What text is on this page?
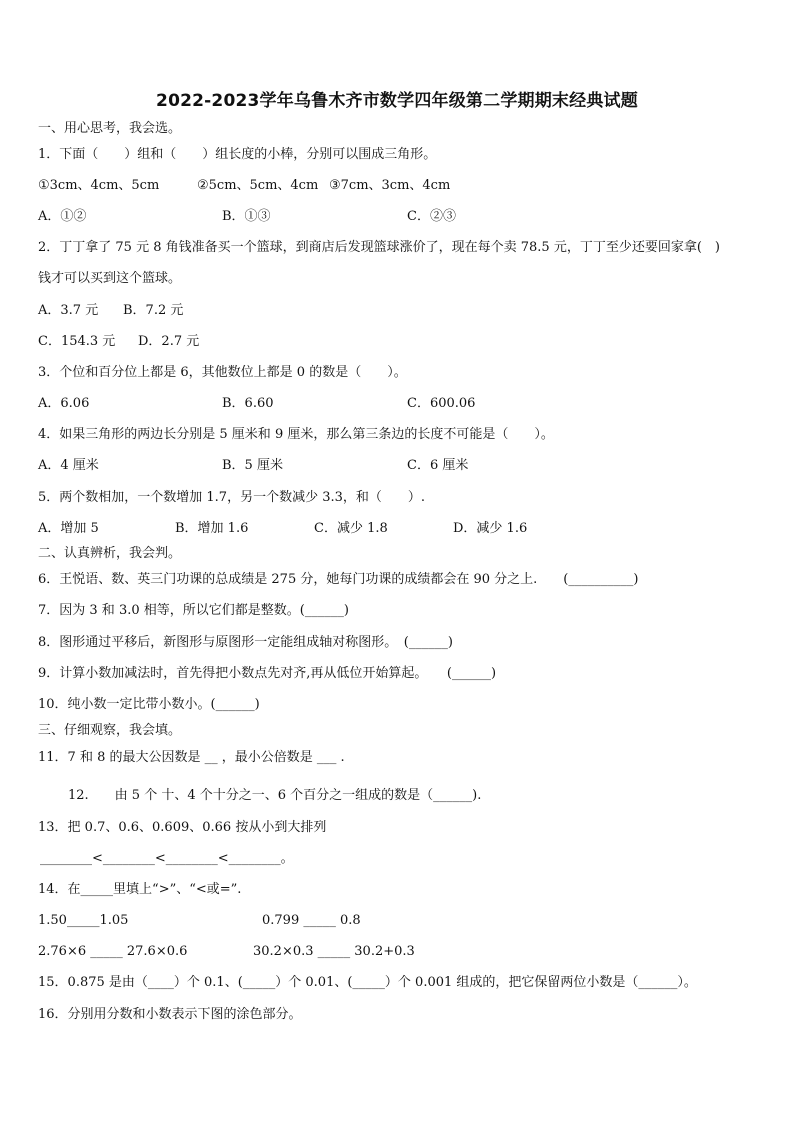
2022-2023学年乌鲁木齐市数学四年级第二学期期末经典试题
一、用心思考，我会选。
1．下面（　　）组和（　　）组长度的小棒，分别可以围成三角形。
①3cm、4cm、5cm	②5cm、5cm、4cm ③7cm、3cm、4cm
A．①②	B．①③	C．②③
2．丁丁拿了 75 元 8 角钱准备买一个篮球，到商店后发现篮球涨价了，现在每个卖 78.5 元，丁丁至少还要回家拿(　)
钱才可以买到这个篮球。
A．3.7 元 B．7.2 元
C．154.3 元 D．2.7 元
3．个位和百分位上都是 6，其他数位上都是 0 的数是（　　）。
A．6.06	B．6.60	C．600.06
4．如果三角形的两边长分别是 5 厘米和 9 厘米，那么第三条边的长度不可能是（　　）。
A．4 厘米	B．5 厘米	C．6 厘米
5．两个数相加，一个数增加 1.7，另一个数减少 3.3，和（　　）.
A．增加 5	B．增加 1.6	C．减少 1.8	D．减少 1.6
二、认真辨析，我会判。
6．王悦语、数、英三门功课的总成绩是 275 分，她每门功课的成绩都会在 90 分之上.　　(__________)
7．因为 3 和 3.0 相等，所以它们都是整数。(______)
8．图形通过平移后，新图形与原图形一定能组成轴对称图形。　(______)
9．计算小数加减法时，首先得把小数点先对齐,再从低位开始算起。　　(______)
10．纯小数一定比带小数小。(______)
三、仔细观察，我会填。
11．7 和 8 的最大公因数是 __ ，最小公倍数是 ___ .
12.　　由 5 个 十、4 个十分之一、6 个百分之一组成的数是（______).
13．把 0.7、0.6、0.609、0.66 按从小到大排列
________<________<________<________。
14．在_____里填上“>”、“<或=”.
1.50_____1.05	0.799 _____ 0.8
2.76×6 _____ 27.6×0.6	30.2×0.3 _____ 30.2+0.3
15．0.875 是由（____）个 0.1、(_____）个 0.01、(_____）个 0.001 组成的，把它保留两位小数是（______）。
16．分别用分数和小数表示下图的涂色部分。
